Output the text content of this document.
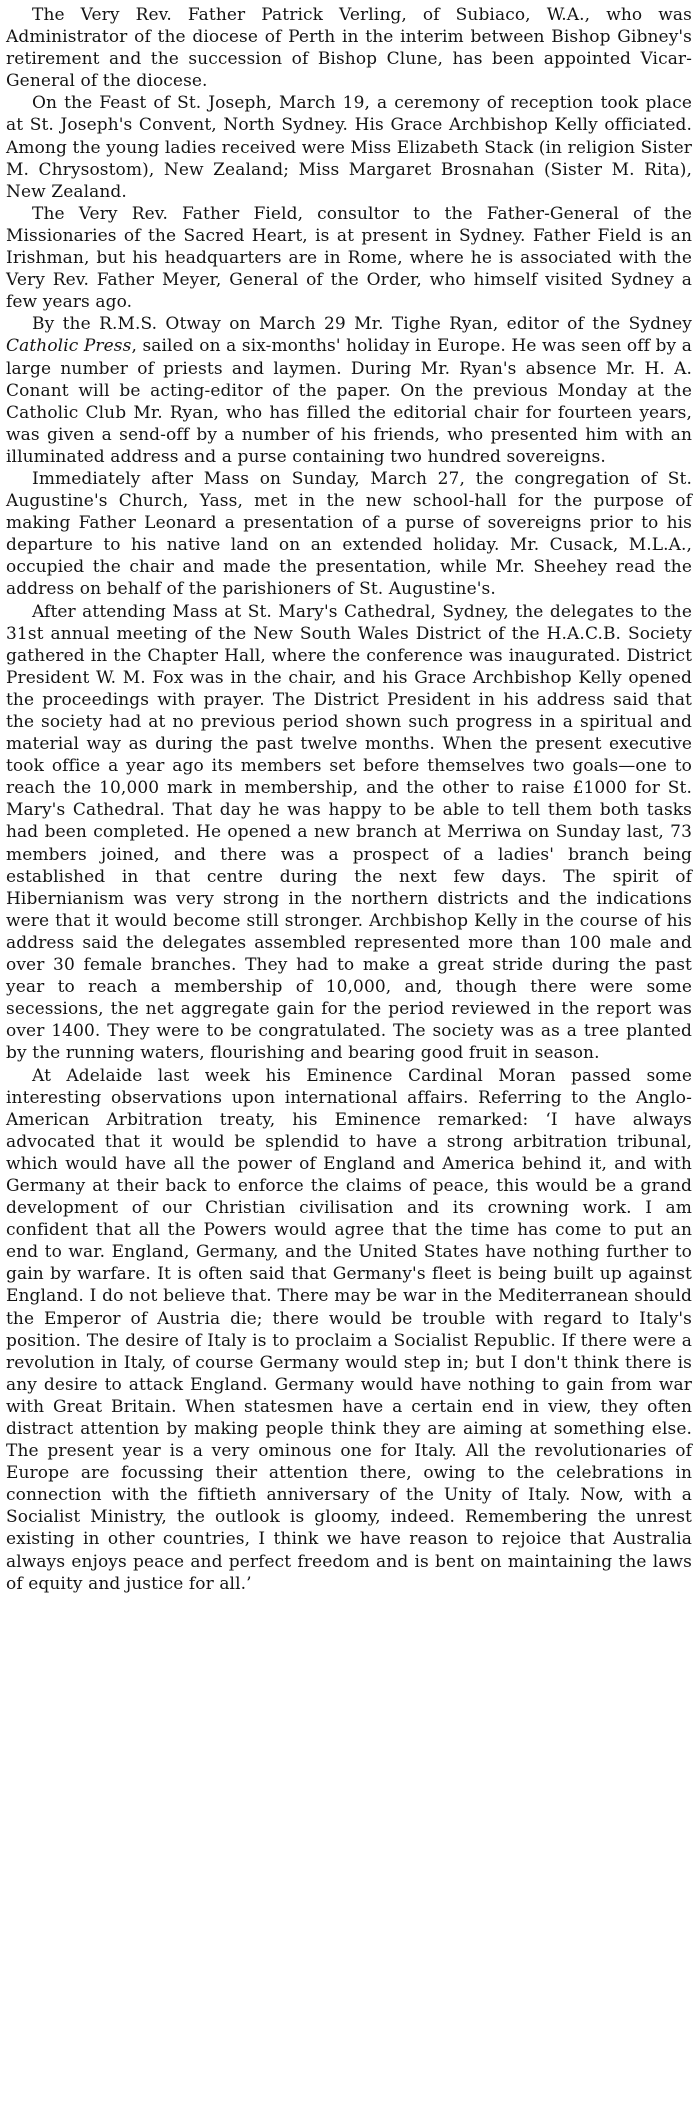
The Very Rev. Father Patrick Verling, of Subiaco, W.A., who was Administrator of the diocese of Perth in the interim between Bishop Gibney's retirement and the succession of Bishop Clune, has been appointed Vicar-General of the diocese.

On the Feast of St. Joseph, March 19, a ceremony of reception took place at St. Joseph's Convent, North Sydney. His Grace Archbishop Kelly officiated. Among the young ladies received were Miss Elizabeth Stack (in religion Sister M. Chrysostom), New Zealand; Miss Margaret Brosnahan (Sister M. Rita), New Zealand.

The Very Rev. Father Field, consultor to the Father-General of the Missionaries of the Sacred Heart, is at present in Sydney. Father Field is an Irishman, but his headquarters are in Rome, where he is associated with the Very Rev. Father Meyer, General of the Order, who himself visited Sydney a few years ago.

By the R.M.S. Otway on March 29 Mr. Tighe Ryan, editor of the Sydney Catholic Press, sailed on a six-months' holiday in Europe. He was seen off by a large number of priests and laymen. During Mr. Ryan's absence Mr. H. A. Conant will be acting-editor of the paper. On the previous Monday at the Catholic Club Mr. Ryan, who has filled the editorial chair for fourteen years, was given a send-off by a number of his friends, who presented him with an illuminated address and a purse containing two hundred sovereigns.

Immediately after Mass on Sunday, March 27, the congregation of St. Augustine's Church, Yass, met in the new school-hall for the purpose of making Father Leonard a presentation of a purse of sovereigns prior to his departure to his native land on an extended holiday. Mr. Cusack, M.L.A., occupied the chair and made the presentation, while Mr. Sheehey read the address on behalf of the parishioners of St. Augustine's.

After attending Mass at St. Mary's Cathedral, Sydney, the delegates to the 31st annual meeting of the New South Wales District of the H.A.C.B. Society gathered in the Chapter Hall, where the conference was inaugurated. District President W. M. Fox was in the chair, and his Grace Archbishop Kelly opened the proceedings with prayer. The District President in his address said that the society had at no previous period shown such progress in a spiritual and material way as during the past twelve months. When the present executive took office a year ago its members set before themselves two goals—one to reach the 10,000 mark in membership, and the other to raise £1000 for St. Mary's Cathedral. That day he was happy to be able to tell them both tasks had been completed. He opened a new branch at Merriwa on Sunday last, 73 members joined, and there was a prospect of a ladies' branch being established in that centre during the next few days. The spirit of Hibernianism was very strong in the northern districts and the indications were that it would become still stronger. Archbishop Kelly in the course of his address said the delegates assembled represented more than 100 male and over 30 female branches. They had to make a great stride during the past year to reach a membership of 10,000, and, though there were some secessions, the net aggregate gain for the period reviewed in the report was over 1400. They were to be congratulated. The society was as a tree planted by the running waters, flourishing and bearing good fruit in season.

At Adelaide last week his Eminence Cardinal Moran passed some interesting observations upon international affairs. Referring to the Anglo-American Arbitration treaty, his Eminence remarked: ‘I have always advocated that it would be splendid to have a strong arbitration tribunal, which would have all the power of England and America behind it, and with Germany at their back to enforce the claims of peace, this would be a grand development of our Christian civilisation and its crowning work. I am confident that all the Powers would agree that the time has come to put an end to war. England, Germany, and the United States have nothing further to gain by warfare. It is often said that Germany's fleet is being built up against England. I do not believe that. There may be war in the Mediterranean should the Emperor of Austria die; there would be trouble with regard to Italy's position. The desire of Italy is to proclaim a Socialist Republic. If there were a revolution in Italy, of course Germany would step in; but I don't think there is any desire to attack England. Germany would have nothing to gain from war with Great Britain. When statesmen have a certain end in view, they often distract attention by making people think they are aiming at something else. The present year is a very ominous one for Italy. All the revolutionaries of Europe are focussing their attention there, owing to the celebrations in connection with the fiftieth anniversary of the Unity of Italy. Now, with a Socialist Ministry, the outlook is gloomy, indeed. Remembering the unrest existing in other countries, I think we have reason to rejoice that Australia always enjoys peace and perfect freedom and is bent on maintaining the laws of equity and justice for all.’
